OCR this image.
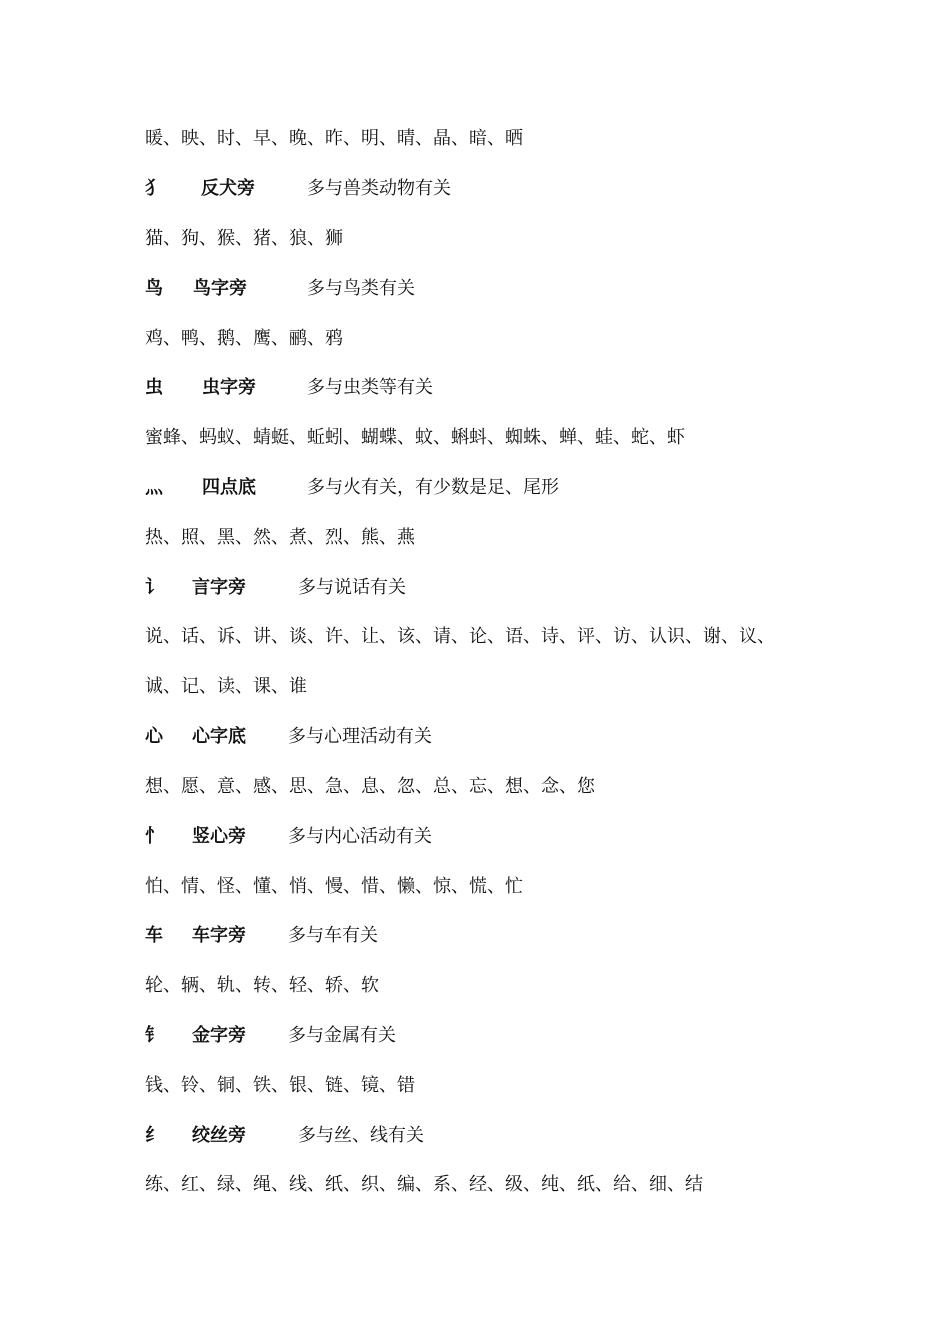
暖、映、时、早、晚、昨、明、晴、晶、暗、晒
犭 反犬旁	多与兽类动物有关
猫、狗、猴、猪、狼、狮
鸟 鸟字旁	多与鸟类有关
鸡、鸭、鹅、鹰、鹂、鸦
虫 虫字旁	多与虫类等有关
蜜蜂、蚂蚁、蜻蜓、蚯蚓、蝴蝶、蚊、蝌蚪、蜘蛛、蝉、蛙、蛇、虾
灬 四点底	多与火有关，有少数是足、尾形
热、照、黑、然、煮、烈、熊、燕
讠 言字旁	多与说话有关
说、话、诉、讲、谈、许、让、该、请、论、语、诗、评、访、认识、谢、议、
诚、记、读、课、谁
心 心字底 多与心理活动有关
想、愿、意、感、思、急、息、忽、总、忘、想、念、您
忄 竖心旁 多与内心活动有关
怕、情、怪、懂、悄、慢、惜、懒、惊、慌、忙
车 车字旁 多与车有关
轮、辆、轨、转、轻、轿、软
钅 金字旁 多与金属有关
钱、铃、铜、铁、银、链、镜、错
纟 绞丝旁	多与丝、线有关
练、红、绿、绳、线、纸、织、编、系、经、级、纯、纸、给、细、结
